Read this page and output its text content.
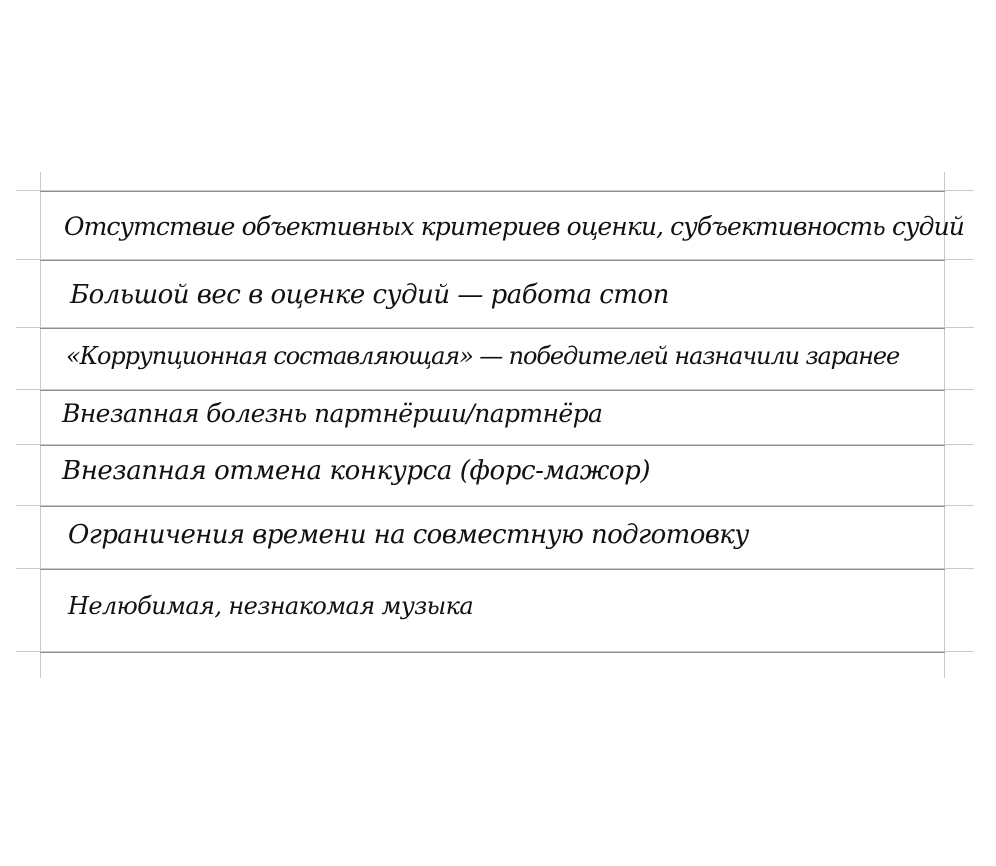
Отсутствие объективных критериев оценки, субъективность судий
Большой вес в оценке судий — работа стоп
«Коррупционная составляющая» — победителей назначили заранее
Внезапная болезнь партнёрши/партнёра
Внезапная отмена конкурса (форс-мажор)
Ограничения времени на совместную подготовку
Нелюбимая, незнакомая музыка
